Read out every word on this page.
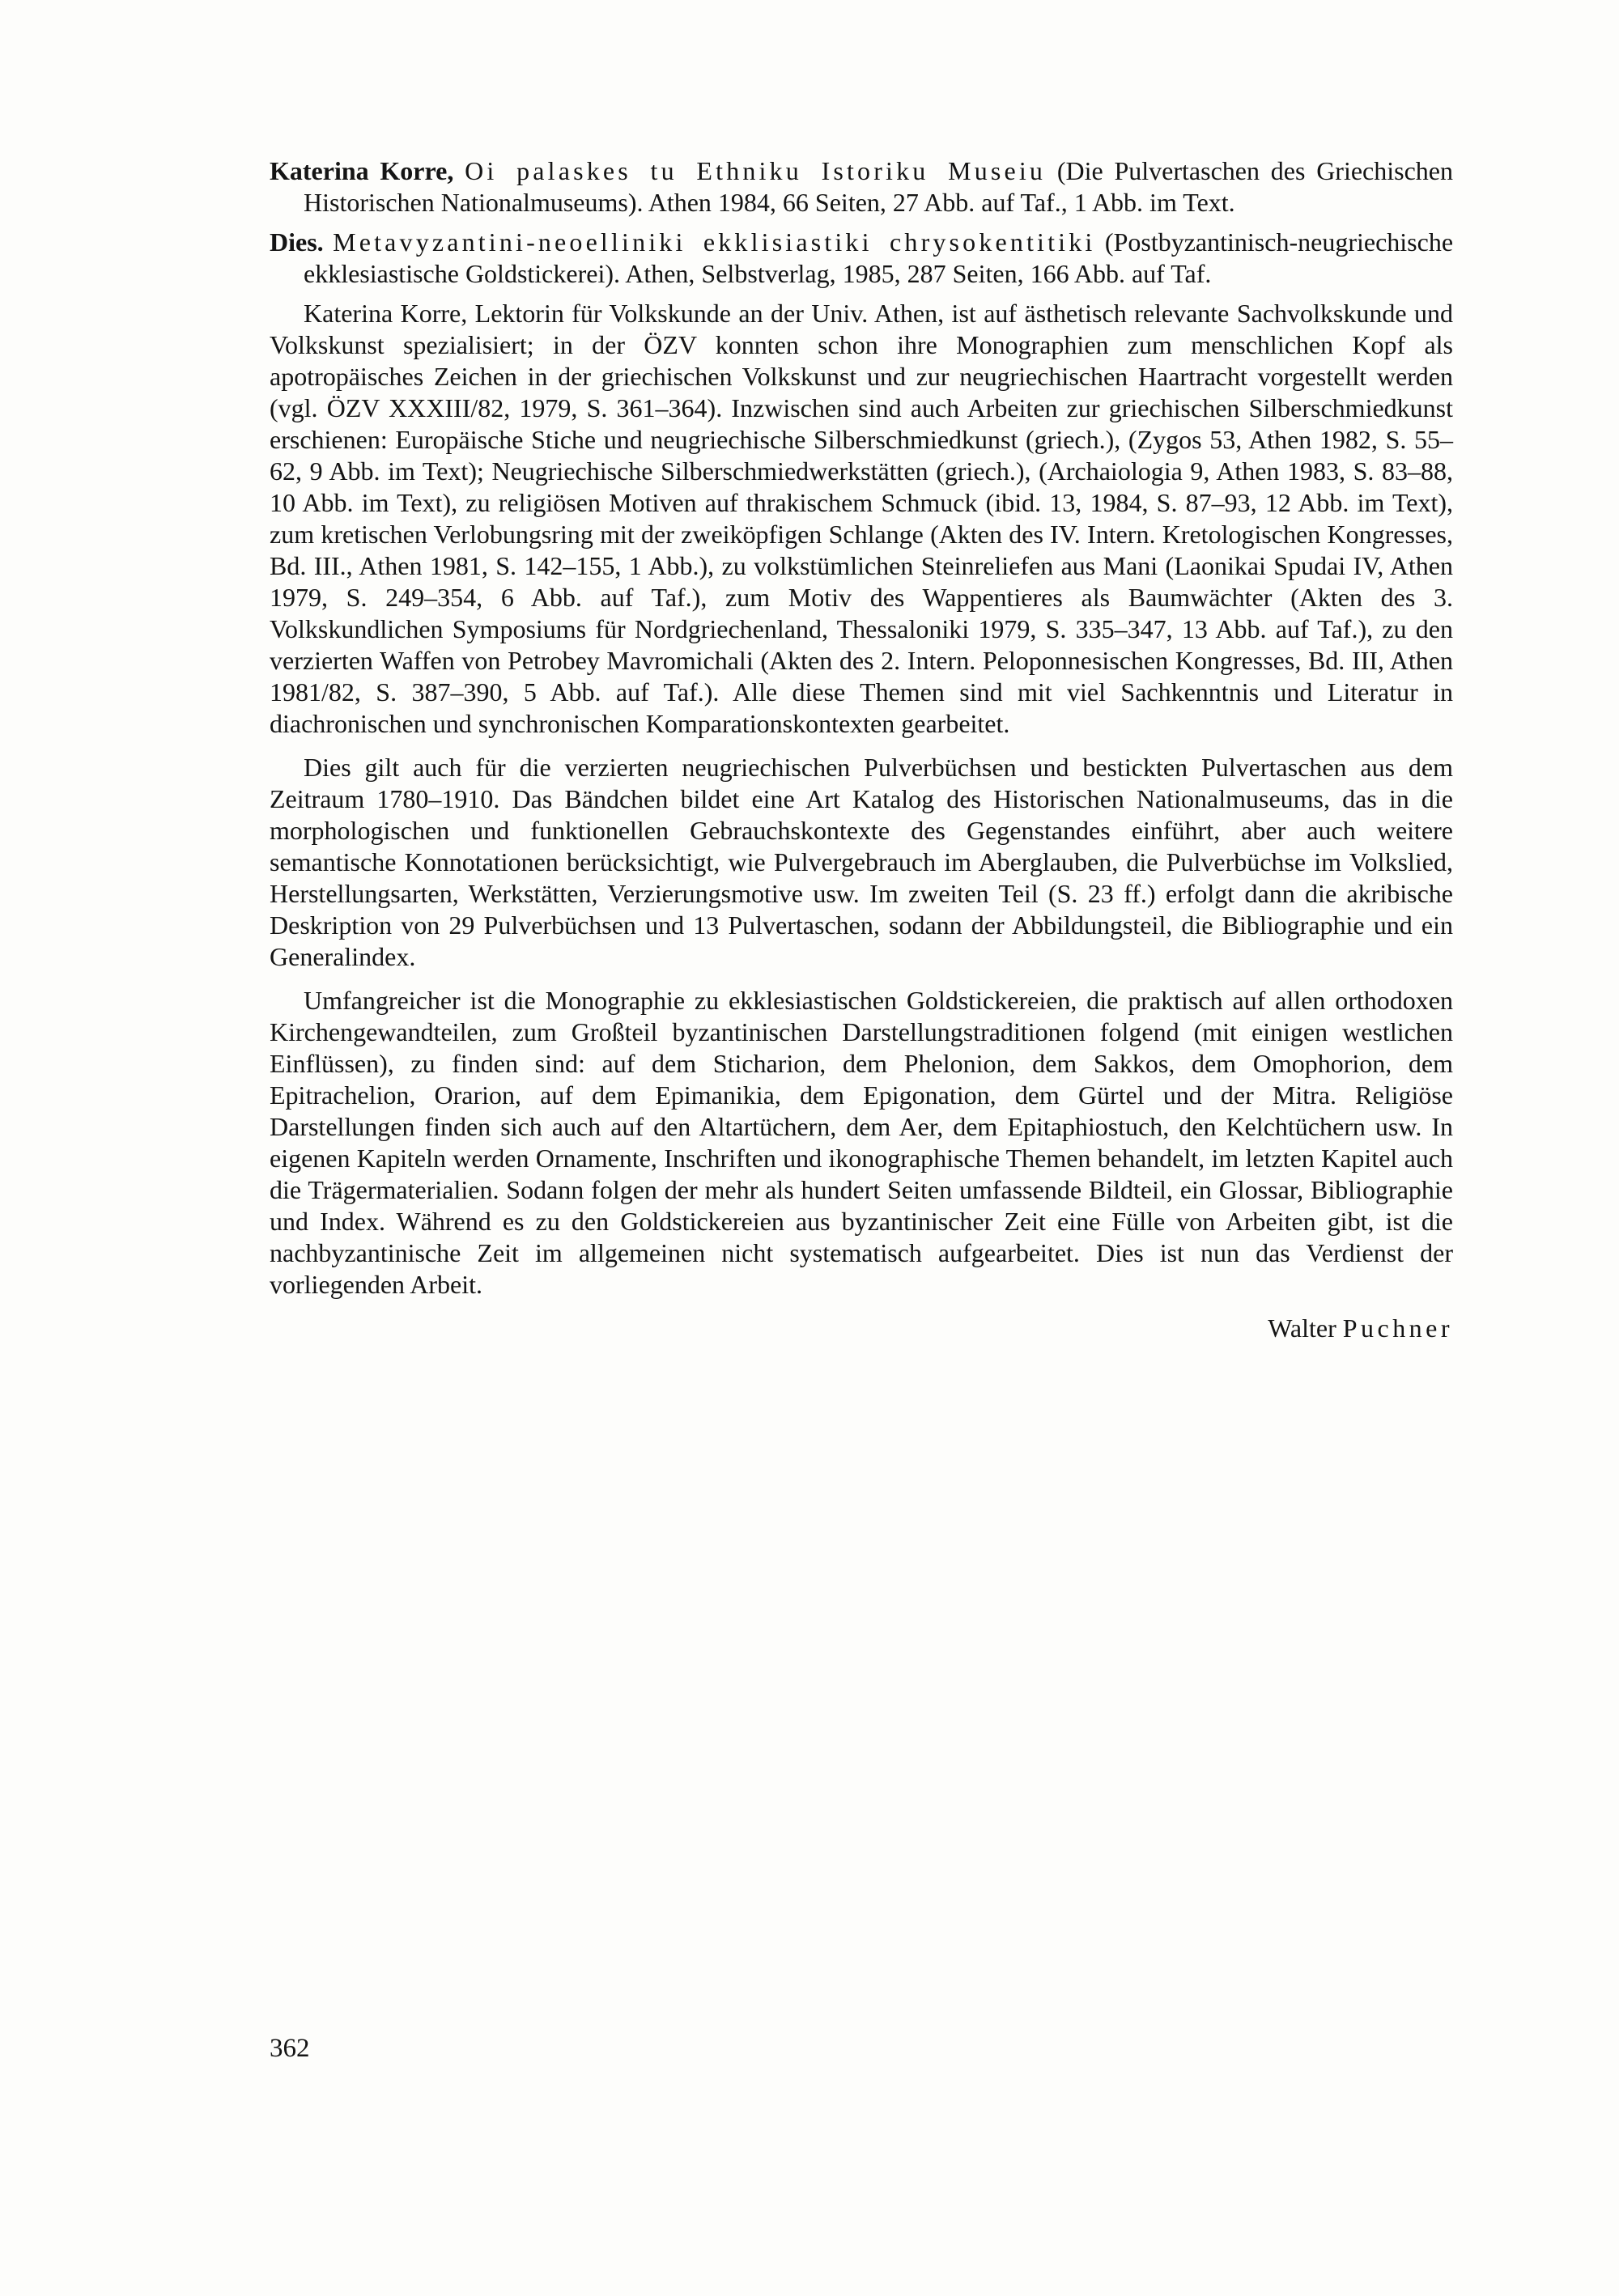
Katerina Korre, Oi palaskes tu Ethniku Istoriku Museiu (Die Pulvertaschen des Griechischen Historischen Nationalmuseums). Athen 1984, 66 Seiten, 27 Abb. auf Taf., 1 Abb. im Text.

Dies. Metavyzantini-neoelliniki ekklisiastiki chrysokentitiki (Postbyzantinisch-neugriechische ekklesiastische Goldstickerei). Athen, Selbstverlag, 1985, 287 Seiten, 166 Abb. auf Taf.

Katerina Korre, Lektorin für Volkskunde an der Univ. Athen, ist auf ästhetisch relevante Sachvolkskunde und Volkskunst spezialisiert; in der ÖZV konnten schon ihre Monographien zum menschlichen Kopf als apotropäisches Zeichen in der griechischen Volkskunst und zur neugriechischen Haartracht vorgestellt werden (vgl. ÖZV XXXIII/82, 1979, S. 361–364). Inzwischen sind auch Arbeiten zur griechischen Silberschmiedkunst erschienen: Europäische Stiche und neugriechische Silberschmiedkunst (griech.), (Zygos 53, Athen 1982, S. 55–62, 9 Abb. im Text); Neugriechische Silberschmiedwerkstätten (griech.), (Archaiologia 9, Athen 1983, S. 83–88, 10 Abb. im Text), zu religiösen Motiven auf thrakischem Schmuck (ibid. 13, 1984, S. 87–93, 12 Abb. im Text), zum kretischen Verlobungsring mit der zweiköpfigen Schlange (Akten des IV. Intern. Kretologischen Kongresses, Bd. III., Athen 1981, S. 142–155, 1 Abb.), zu volkstümlichen Steinreliefen aus Mani (Laonikai Spudai IV, Athen 1979, S. 249–354, 6 Abb. auf Taf.), zum Motiv des Wappentieres als Baumwächter (Akten des 3. Volkskundlichen Symposiums für Nordgriechenland, Thessaloniki 1979, S. 335–347, 13 Abb. auf Taf.), zu den verzierten Waffen von Petrobey Mavromichali (Akten des 2. Intern. Peloponnesischen Kongresses, Bd. III, Athen 1981/82, S. 387–390, 5 Abb. auf Taf.). Alle diese Themen sind mit viel Sachkenntnis und Literatur in diachronischen und synchronischen Komparationskontexten gearbeitet.

Dies gilt auch für die verzierten neugriechischen Pulverbüchsen und bestickten Pulvertaschen aus dem Zeitraum 1780–1910. Das Bändchen bildet eine Art Katalog des Historischen Nationalmuseums, das in die morphologischen und funktionellen Gebrauchskontexte des Gegenstandes einführt, aber auch weitere semantische Konnotationen berücksichtigt, wie Pulvergebrauch im Aberglauben, die Pulverbüchse im Volkslied, Herstellungsarten, Werkstätten, Verzierungsmotive usw. Im zweiten Teil (S. 23 ff.) erfolgt dann die akribische Deskription von 29 Pulverbüchsen und 13 Pulvertaschen, sodann der Abbildungsteil, die Bibliographie und ein Generalindex.

Umfangreicher ist die Monographie zu ekklesiastischen Goldstickereien, die praktisch auf allen orthodoxen Kirchengewandteilen, zum Großteil byzantinischen Darstellungstraditionen folgend (mit einigen westlichen Einflüssen), zu finden sind: auf dem Sticharion, dem Phelonion, dem Sakkos, dem Omophorion, dem Epitrachelion, Orarion, auf dem Epimanikia, dem Epigonation, dem Gürtel und der Mitra. Religiöse Darstellungen finden sich auch auf den Altartüchern, dem Aer, dem Epitaphiostuch, den Kelchtüchern usw. In eigenen Kapiteln werden Ornamente, Inschriften und ikonographische Themen behandelt, im letzten Kapitel auch die Trägermaterialien. Sodann folgen der mehr als hundert Seiten umfassende Bildteil, ein Glossar, Bibliographie und Index. Während es zu den Goldstickereien aus byzantinischer Zeit eine Fülle von Arbeiten gibt, ist die nachbyzantinische Zeit im allgemeinen nicht systematisch aufgearbeitet. Dies ist nun das Verdienst der vorliegenden Arbeit.

Walter Puchner

362
